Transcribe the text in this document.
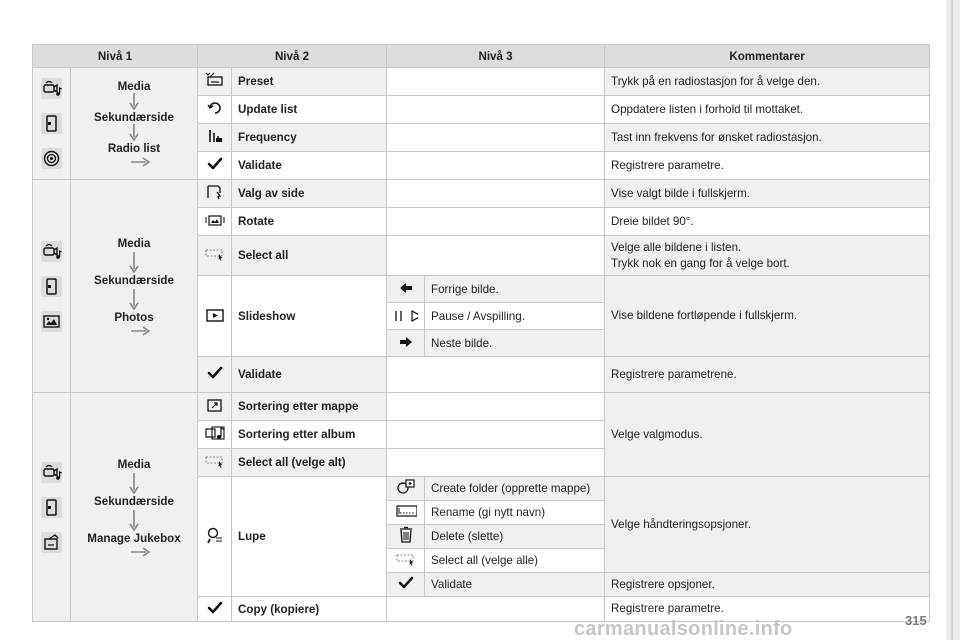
Nivå 1		Nivå 2		Nivå 3		Kommentarer

Media
Sekundærside
Radio list		Preset			Trykk på en radiostasjon for å velge den.

	Update list			Oppdatere listen i forhold til mottaket.

	Frequency			Tast inn frekvens for ønsket radiostasjon.

	Validate			Registrere parametre.

Media
Sekundærside
Photos		Valg av side			Vise valgt bilde i fullskjerm.

	Rotate			Dreie bildet 90°.

	Select all			Velge alle bildene i listen.
Trykk nok en gang for å velge bort.

	Slideshow		Forrige bilde.	Vise bildene fortløpende i fullskjerm.

	Pause / Avspilling.	

	Neste bilde.	

	Validate			Registrere parametrene.

Media
Sekundærside
Manage Jukebox		Sortering etter mappe			Velge valgmodus.

	Sortering etter album			

	Select all (velge alt)			

	Lupe		Create folder (opprette mappe)	Velge håndteringsopsjoner.

	Rename (gi nytt navn)	

	Delete (slette)	

	Select all (velge alle)	

	Validate	Registrere opsjoner.

	Copy (kopiere)			Registrere parametre.
carmanualsonline.info	315
